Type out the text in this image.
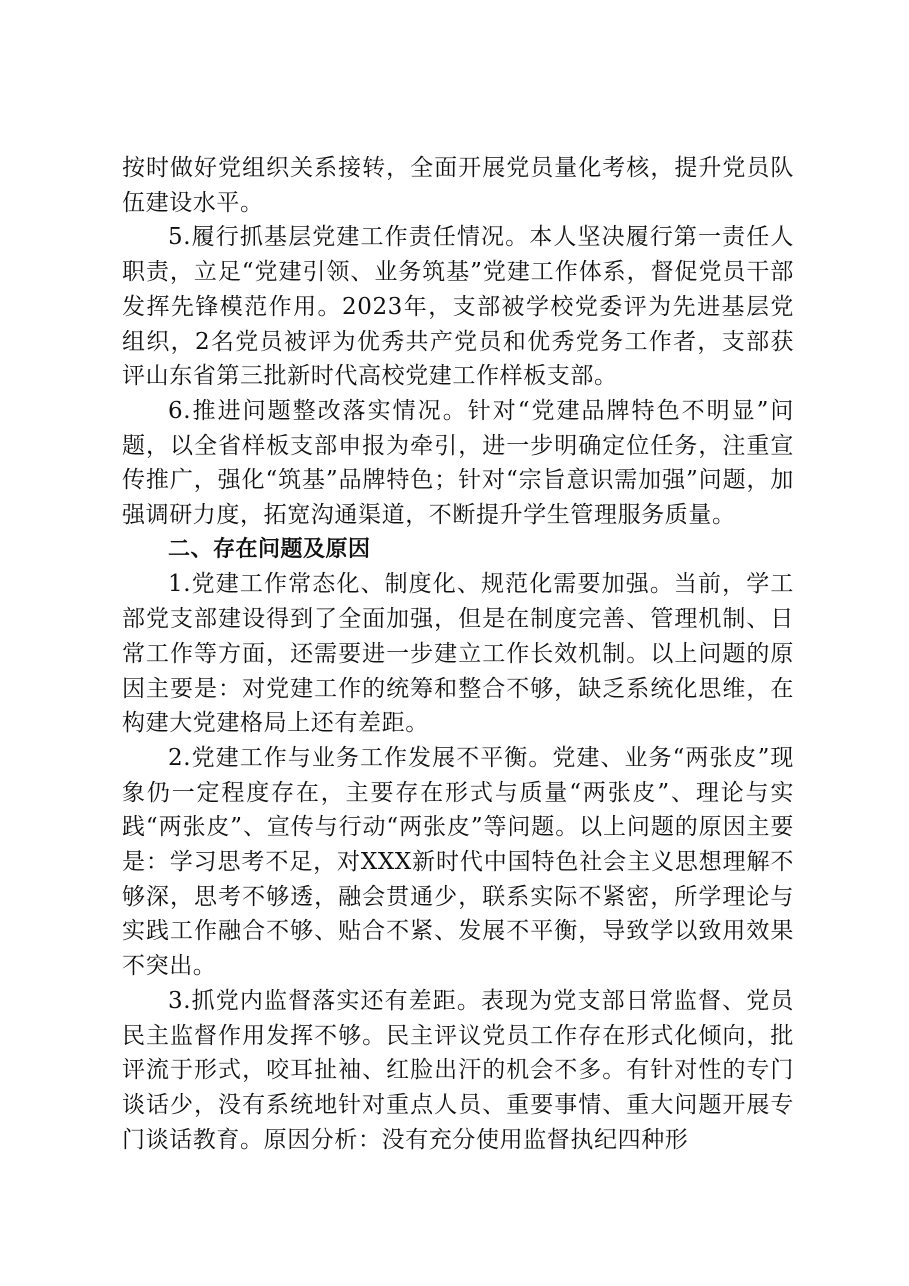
按时做好党组织关系接转，全面开展党员量化考核，提升党员队伍建设水平。

5.履行抓基层党建工作责任情况。本人坚决履行第一责任人职责，立足“党建引领、业务筑基”党建工作体系，督促党员干部发挥先锋模范作用。2023年，支部被学校党委评为先进基层党组织，2名党员被评为优秀共产党员和优秀党务工作者，支部获评山东省第三批新时代高校党建工作样板支部。

6.推进问题整改落实情况。针对“党建品牌特色不明显”问题，以全省样板支部申报为牵引，进一步明确定位任务，注重宣传推广，强化“筑基”品牌特色；针对“宗旨意识需加强”问题，加强调研力度，拓宽沟通渠道，不断提升学生管理服务质量。

二、存在问题及原因

1.党建工作常态化、制度化、规范化需要加强。当前，学工部党支部建设得到了全面加强，但是在制度完善、管理机制、日常工作等方面，还需要进一步建立工作长效机制。以上问题的原因主要是：对党建工作的统筹和整合不够，缺乏系统化思维，在构建大党建格局上还有差距。

2.党建工作与业务工作发展不平衡。党建、业务“两张皮”现象仍一定程度存在，主要存在形式与质量“两张皮”、理论与实践“两张皮”、宣传与行动“两张皮”等问题。以上问题的原因主要是：学习思考不足，对XXX新时代中国特色社会主义思想理解不够深，思考不够透，融会贯通少，联系实际不紧密，所学理论与实践工作融合不够、贴合不紧、发展不平衡，导致学以致用效果不突出。

3.抓党内监督落实还有差距。表现为党支部日常监督、党员民主监督作用发挥不够。民主评议党员工作存在形式化倾向，批评流于形式，咬耳扯袖、红脸出汗的机会不多。有针对性的专门谈话少，没有系统地针对重点人员、重要事情、重大问题开展专门谈话教育。原因分析：没有充分使用监督执纪四种形
